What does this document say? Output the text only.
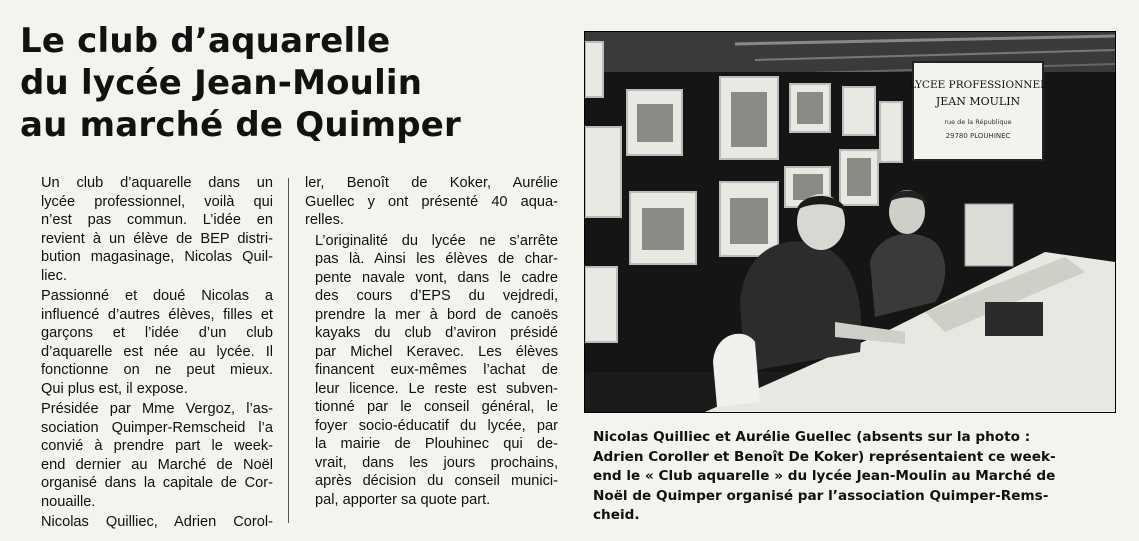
Le club d’aquarelle
du lycée Jean-Moulin
au marché de Quimper

Un club d’aquarelle dans un
lycée professionnel, voilà qui
n’est pas commun. L’idée en
revient à un élève de BEP distri-
bution magasinage, Nicolas Quil-
liec.

Passionné et doué Nicolas a
influencé d’autres élèves, filles et
garçons et l’idée d’un club
d’aquarelle est née au lycée. Il
fonctionne on ne peut mieux.
Qui plus est, il expose.

Présidée par Mme Vergoz, l’as-
sociation Quimper-Remscheid l’a
convié à prendre part le week-
end dernier au Marché de Noël
organisé dans la capitale de Cor-
nouaille.

Nicolas Quilliec, Adrien Corol-

ler, Benoît de Koker, Aurélie
Guellec y ont présenté 40 aqua-
relles.

L’originalité du lycée ne s’arrête
pas là. Ainsi les élèves de char-
pente navale vont, dans le cadre
des cours d’EPS du vejdredi,
prendre la mer à bord de canoës
kayaks du club d’aviron présidé
par Michel Keravec. Les élèves
financent eux-mêmes l’achat de
leur licence. Le reste est subven-
tionné par le conseil général, le
foyer socio-éducatif du lycée, par
la mairie de Plouhinec qui de-
vrait, dans les jours prochains,
après décision du conseil munici-
pal, apporter sa quote part.

LYCEE PROFESSIONNEL
JEAN MOULIN
rue de la République
29780 PLOUHINEC
Nicolas Quilliec et Aurélie Guellec (absents sur la photo :
Adrien Coroller et Benoît De Koker) représentaient ce week-
end le « Club aquarelle » du lycée Jean-Moulin au Marché de
Noël de Quimper organisé par l’association Quimper-Rems-
cheid.
